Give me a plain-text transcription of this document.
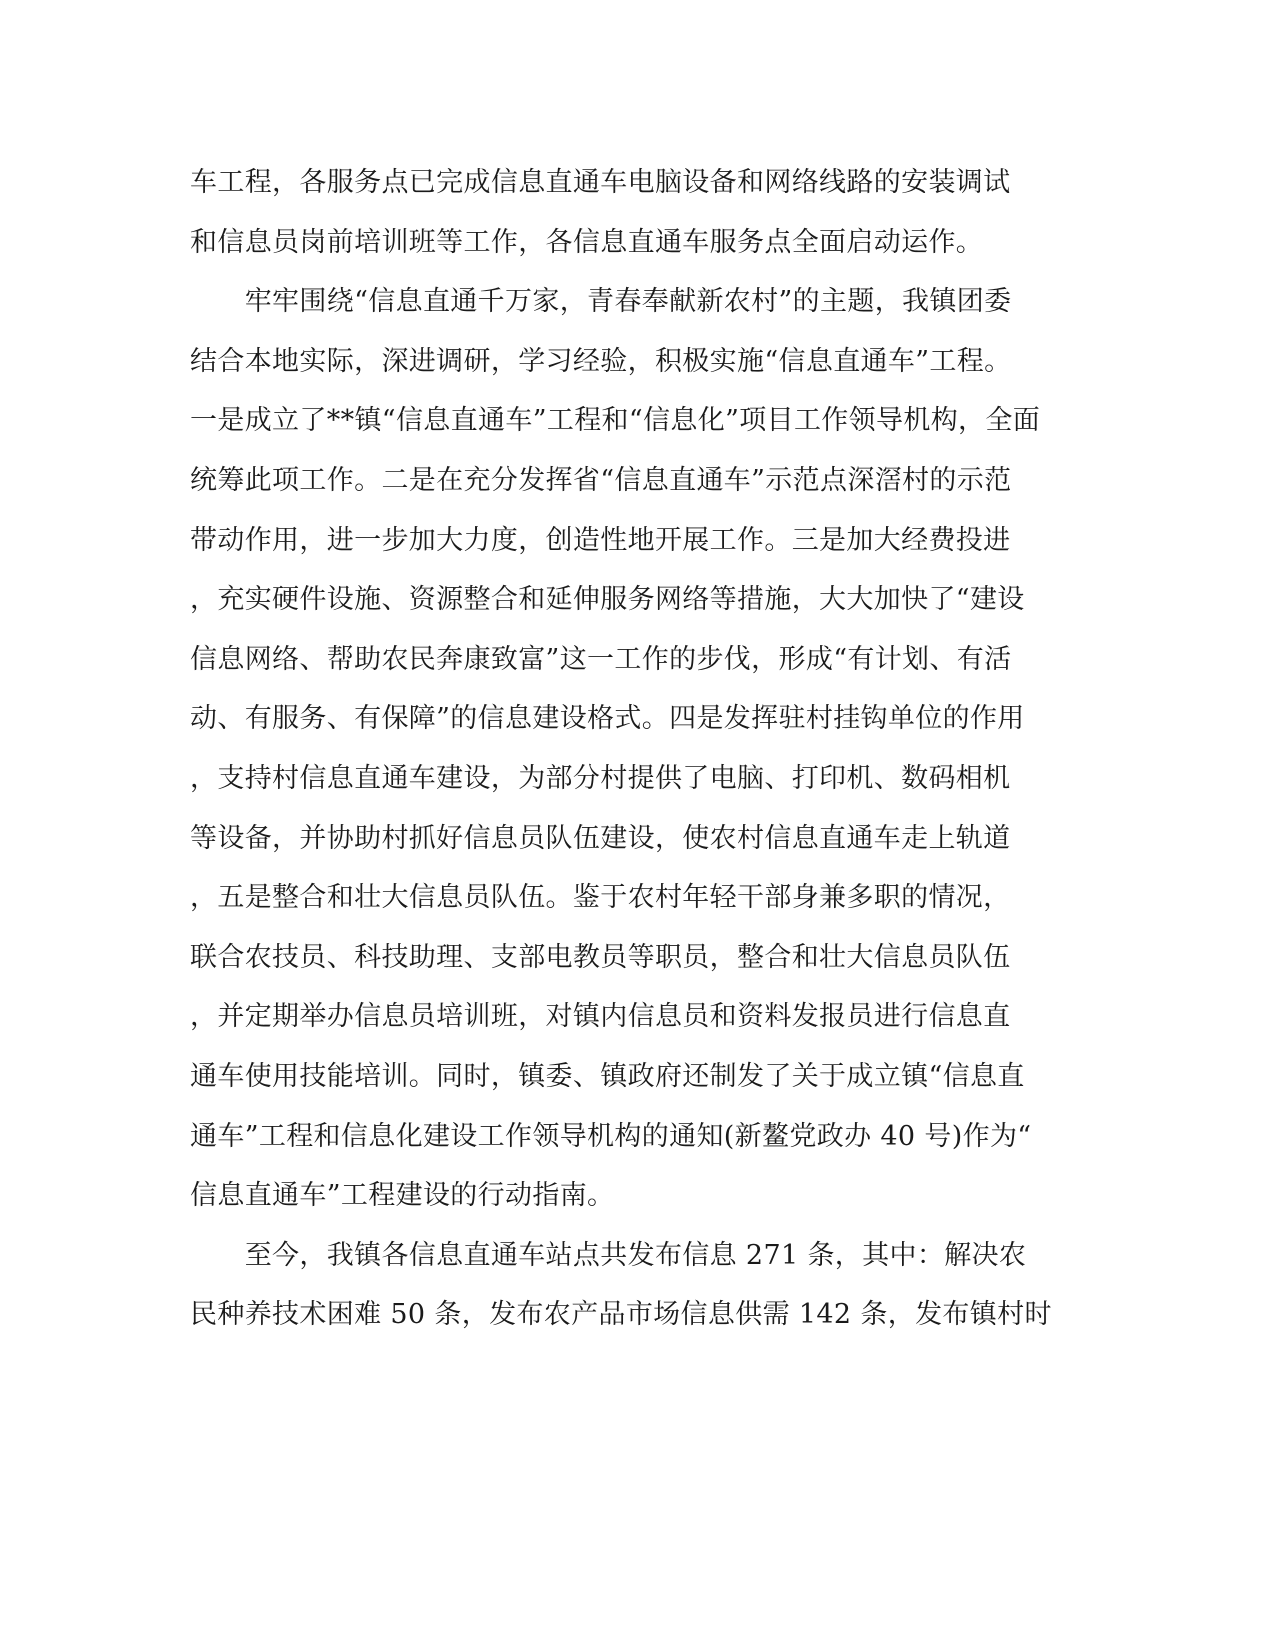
车工程，各服务点已完成信息直通车电脑设备和网络线路的安装调试
和信息员岗前培训班等工作，各信息直通车服务点全面启动运作。
　　牢牢围绕“信息直通千万家，青春奉献新农村”的主题，我镇团委
结合本地实际，深进调研，学习经验，积极实施“信息直通车”工程。
一是成立了**镇“信息直通车”工程和“信息化”项目工作领导机构，全面
统筹此项工作。二是在充分发挥省“信息直通车”示范点深滘村的示范
带动作用，进一步加大力度，创造性地开展工作。三是加大经费投进
，充实硬件设施、资源整合和延伸服务网络等措施，大大加快了“建设
信息网络、帮助农民奔康致富”这一工作的步伐，形成“有计划、有活
动、有服务、有保障”的信息建设格式。四是发挥驻村挂钩单位的作用
，支持村信息直通车建设，为部分村提供了电脑、打印机、数码相机
等设备，并协助村抓好信息员队伍建设，使农村信息直通车走上轨道
，五是整合和壮大信息员队伍。鉴于农村年轻干部身兼多职的情况，
联合农技员、科技助理、支部电教员等职员，整合和壮大信息员队伍
，并定期举办信息员培训班，对镇内信息员和资料发报员进行信息直
通车使用技能培训。同时，镇委、镇政府还制发了关于成立镇“信息直
通车”工程和信息化建设工作领导机构的通知(新鳌党政办 40 号)作为“
信息直通车”工程建设的行动指南。
　　至今，我镇各信息直通车站点共发布信息 271 条，其中：解决农
民种养技术困难 50 条，发布农产品市场信息供需 142 条，发布镇村时
